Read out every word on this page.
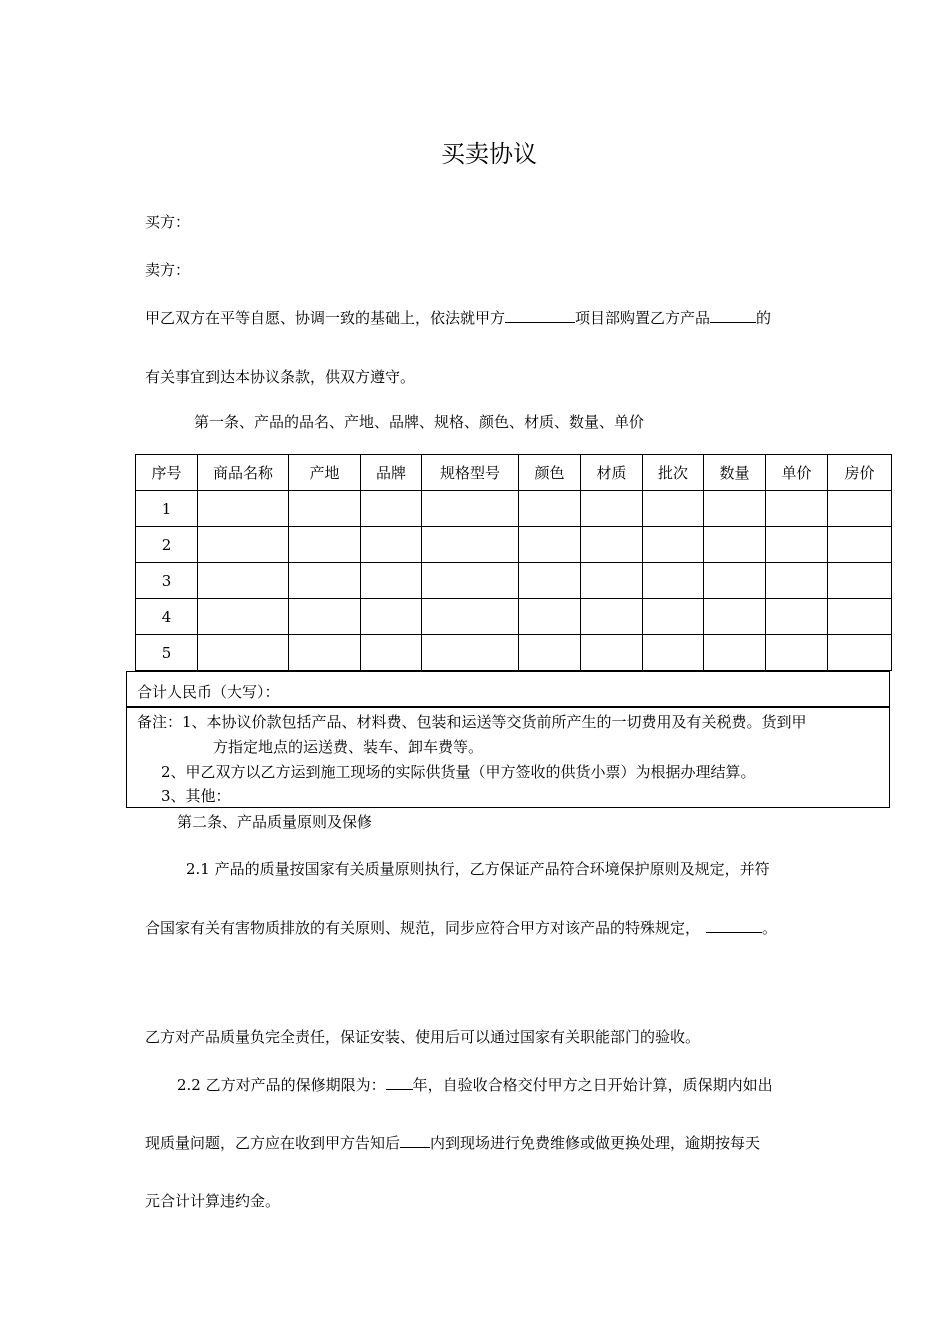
买卖协议
买方：
卖方：
甲乙双方在平等自愿、协调一致的基础上，依法就甲方	项目部购置乙方产品	的
有关事宜到达本协议条款，供双方遵守。
第一条、产品的品名、产地、品牌、规格、颜色、材质、数量、单价
序号	商品名称	产地	品牌	规格型号	颜色	材质	批次	数量	单价	房价
1										
2										
3										
4										
5										
合计人民币（大写）：
备注：1、本协议价款包括产品、材料费、包装和运送等交货前所产生的一切费用及有关税费。货到甲
方指定地点的运送费、装车、卸车费等。
2、甲乙双方以乙方运到施工现场的实际供货量（甲方签收的供货小票）为根据办理结算。
3、其他：
第二条、产品质量原则及保修
2.1 产品的质量按国家有关质量原则执行，乙方保证产品符合环境保护原则及规定，并符
合国家有关有害物质排放的有关原则、规范，同步应符合甲方对该产品的特殊规定，	。
乙方对产品质量负完全责任，保证安装、使用后可以通过国家有关职能部门的验收。
2.2 乙方对产品的保修期限为： 年，自验收合格交付甲方之日开始计算，质保期内如出
现质量问题，乙方应在收到甲方告知后 内到现场进行免费维修或做更换处理，逾期按每天
元合计计算违约金。
